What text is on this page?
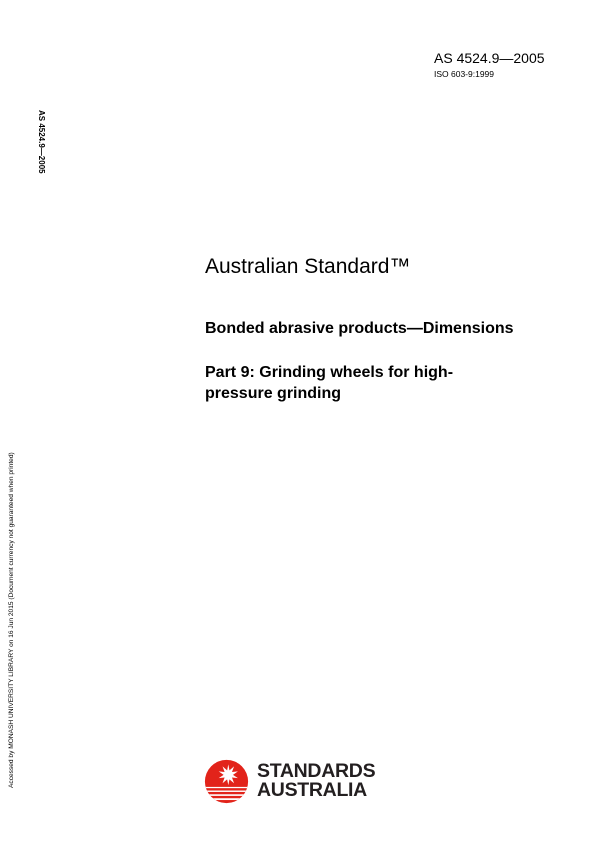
AS 4524.9—2005
ISO 603-9:1999
AS 4524.9—2005
Accessed by MONASH UNIVERSITY LIBRARY on 16 Jun 2015 (Document currency not guaranteed when printed)
Australian Standard™
Bonded abrasive products—Dimensions
Part 9: Grinding wheels for high-
pressure grinding
STANDARDS
AUSTRALIA
